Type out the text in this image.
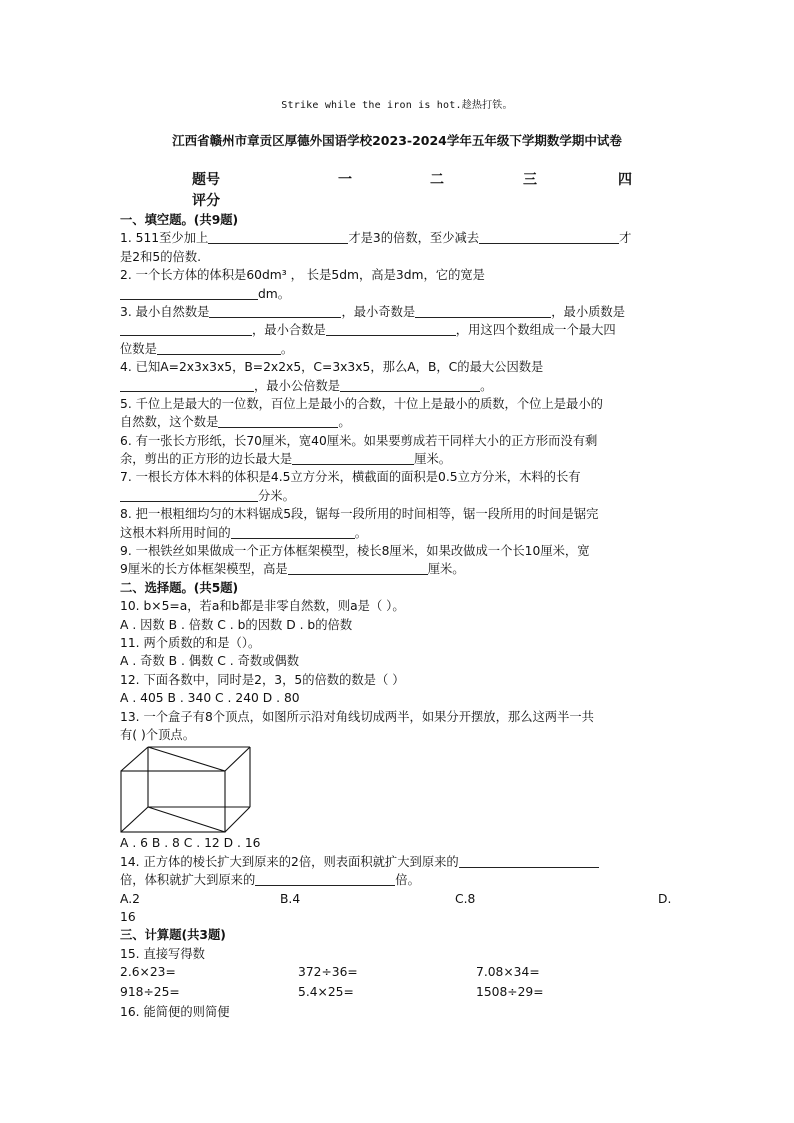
Strike while the iron is hot.趁热打铁。
江西省赣州市章贡区厚德外国语学校2023-2024学年五年级下学期数学期中试卷
题号	一	二	三	四
评分
一、填空题。(共9题)
1. 511至少加上	才是3的倍数，至少减去	才
是2和5的倍数.
2. 一个长方体的体积是60dm³ ， 长是5dm，高是3dm，它的宽是
dm。
3. 最小自然数是	，最小奇数是	，最小质数是
，最小合数是	，用这四个数组成一个最大四
位数是	。
4. 已知A=2x3x3x5，B=2x2x5，C=3x3x5，那么A，B，C的最大公因数是
，最小公倍数是	。
5. 千位上是最大的一位数，百位上是最小的合数，十位上是最小的质数，个位上是最小的
自然数，这个数是	。
6. 有一张长方形纸，长70厘米，宽40厘米。如果要剪成若干同样大小的正方形而没有剩
余，剪出的正方形的边长最大是	厘米。
7. 一根长方体木料的体积是4.5立方分米，横截面的面积是0.5立方分米，木料的长有
分米。
8. 把一根粗细均匀的木料锯成5段，锯每一段所用的时间相等，锯一段所用的时间是锯完
这根木料所用时间的	。
9. 一根铁丝如果做成一个正方体框架模型，棱长8厘米，如果改做成一个长10厘米，宽
9厘米的长方体框架模型，高是	厘米。
二、选择题。(共5题)
10. b×5=a，若a和b都是非零自然数，则a是（ ）。
A . 因数 B . 倍数 C . b的因数 D . b的倍数
11. 两个质数的和是（）。
A . 奇数 B . 偶数 C . 奇数或偶数
12. 下面各数中，同时是2，3，5的倍数的数是（ ）
A . 405 B . 340 C . 240 D . 80
13. 一个盒子有8个顶点，如图所示沿对角线切成两半，如果分开摆放，那么这两半一共
有( )个顶点。
A . 6 B . 8 C . 12 D . 16
14. 正方体的棱长扩大到原来的2倍，则表面积就扩大到原来的
倍，体积就扩大到原来的	倍。
A.2	B.4	C.8	D.
16
三、计算题(共3题)
15. 直接写得数
2.6×23=	372÷36=	7.08×34=
918÷25=	5.4×25=	1508÷29=
16. 能简便的则简便
